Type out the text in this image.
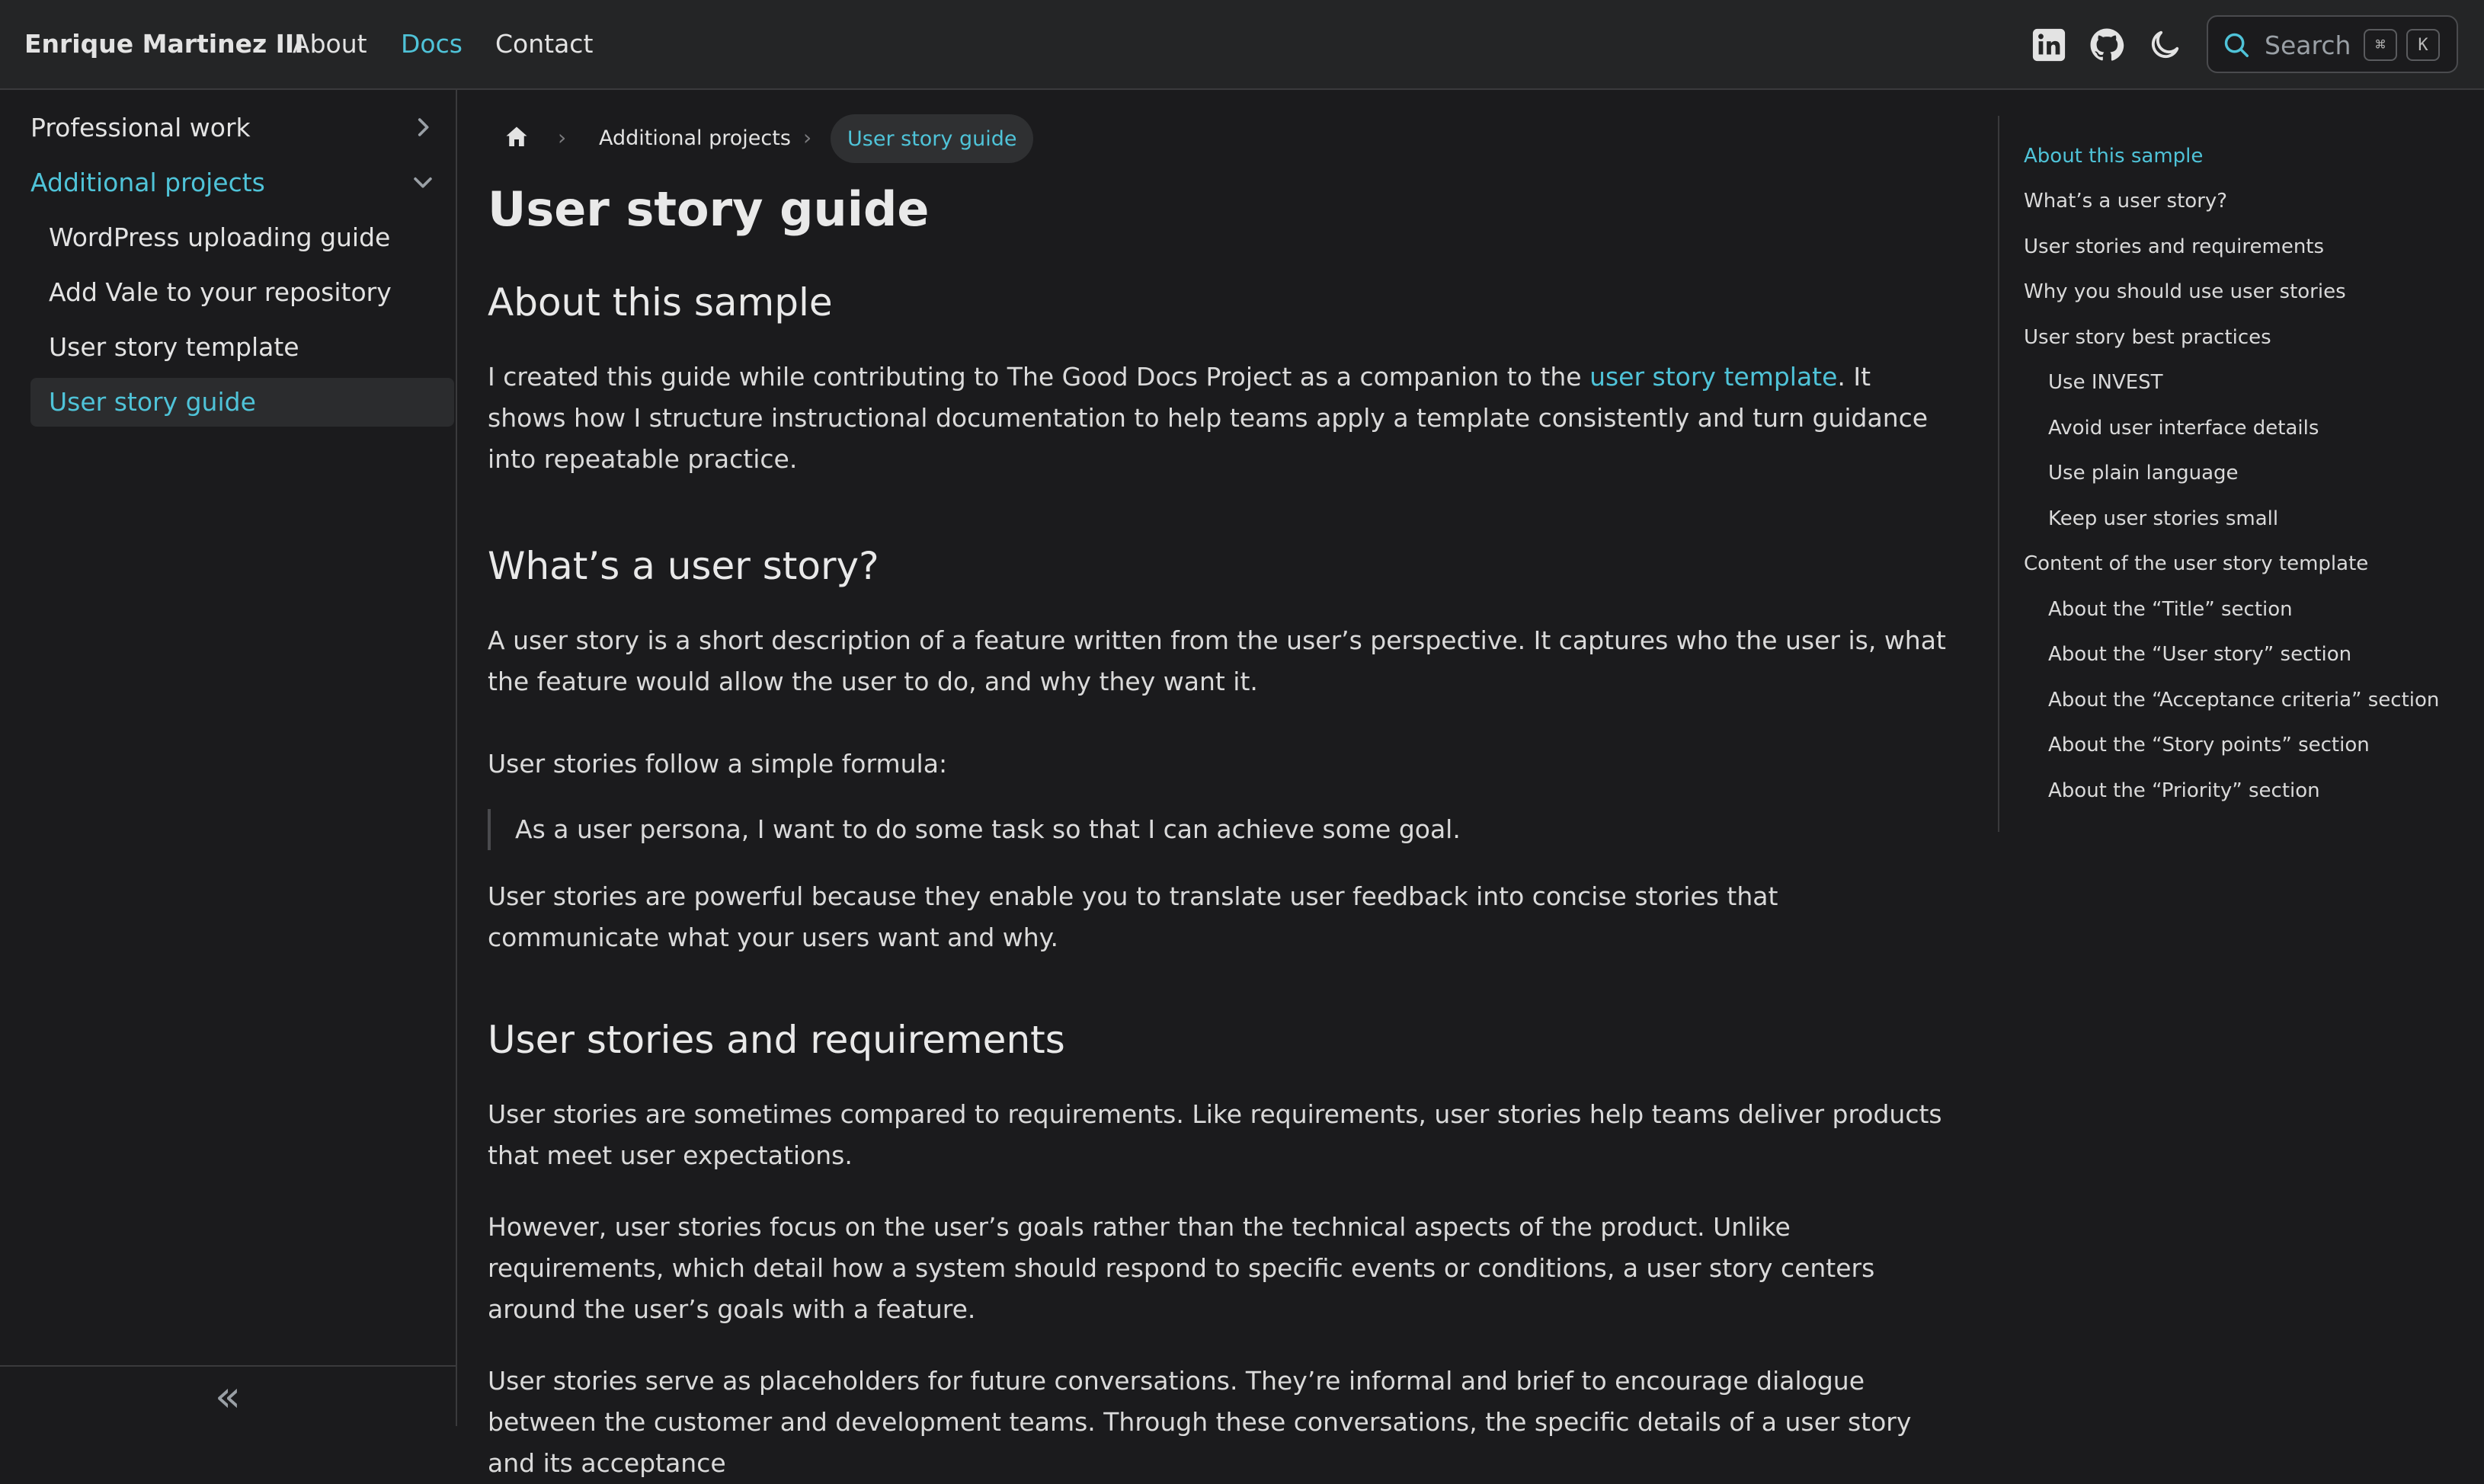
Enrique Martinez III
About Docs Contact	Search	⌘	K
Professional work
Additional projects
WordPress uploading guide
Add Vale to your repository
User story template
User story guide
«
› Additional projects ›	User story guide
User story guide
About this sample

I created this guide while contributing to The Good Docs Project as a companion to the user story template. It shows how I structure instructional documentation to help teams apply a template consistently and turn guidance into repeatable practice.

What’s a user story?

A user story is a short description of a feature written from the user’s perspective. It captures who the user is, what the feature would allow the user to do, and why they want it.

User stories follow a simple formula:

As a user persona, I want to do some task so that I can achieve some goal.

User stories are powerful because they enable you to translate user feedback into concise stories that communicate what your users want and why.

User stories and requirements

User stories are sometimes compared to requirements. Like requirements, user stories help teams deliver products that meet user expectations.

However, user stories focus on the user’s goals rather than the technical aspects of the product. Unlike requirements, which detail how a system should respond to specific events or conditions, a user story centers around the user’s goals with a feature.

User stories serve as placeholders for future conversations. They’re informal and brief to encourage dialogue between the customer and development teams. Through these conversations, the specific details of a user story and its acceptance

About this sample
What’s a user story?
User stories and requirements
Why you should use user stories
User story best practices
Use INVEST
Avoid user interface details
Use plain language
Keep user stories small
Content of the user story template
About the “Title” section
About the “User story” section
About the “Acceptance criteria” section
About the “Story points” section
About the “Priority” section
